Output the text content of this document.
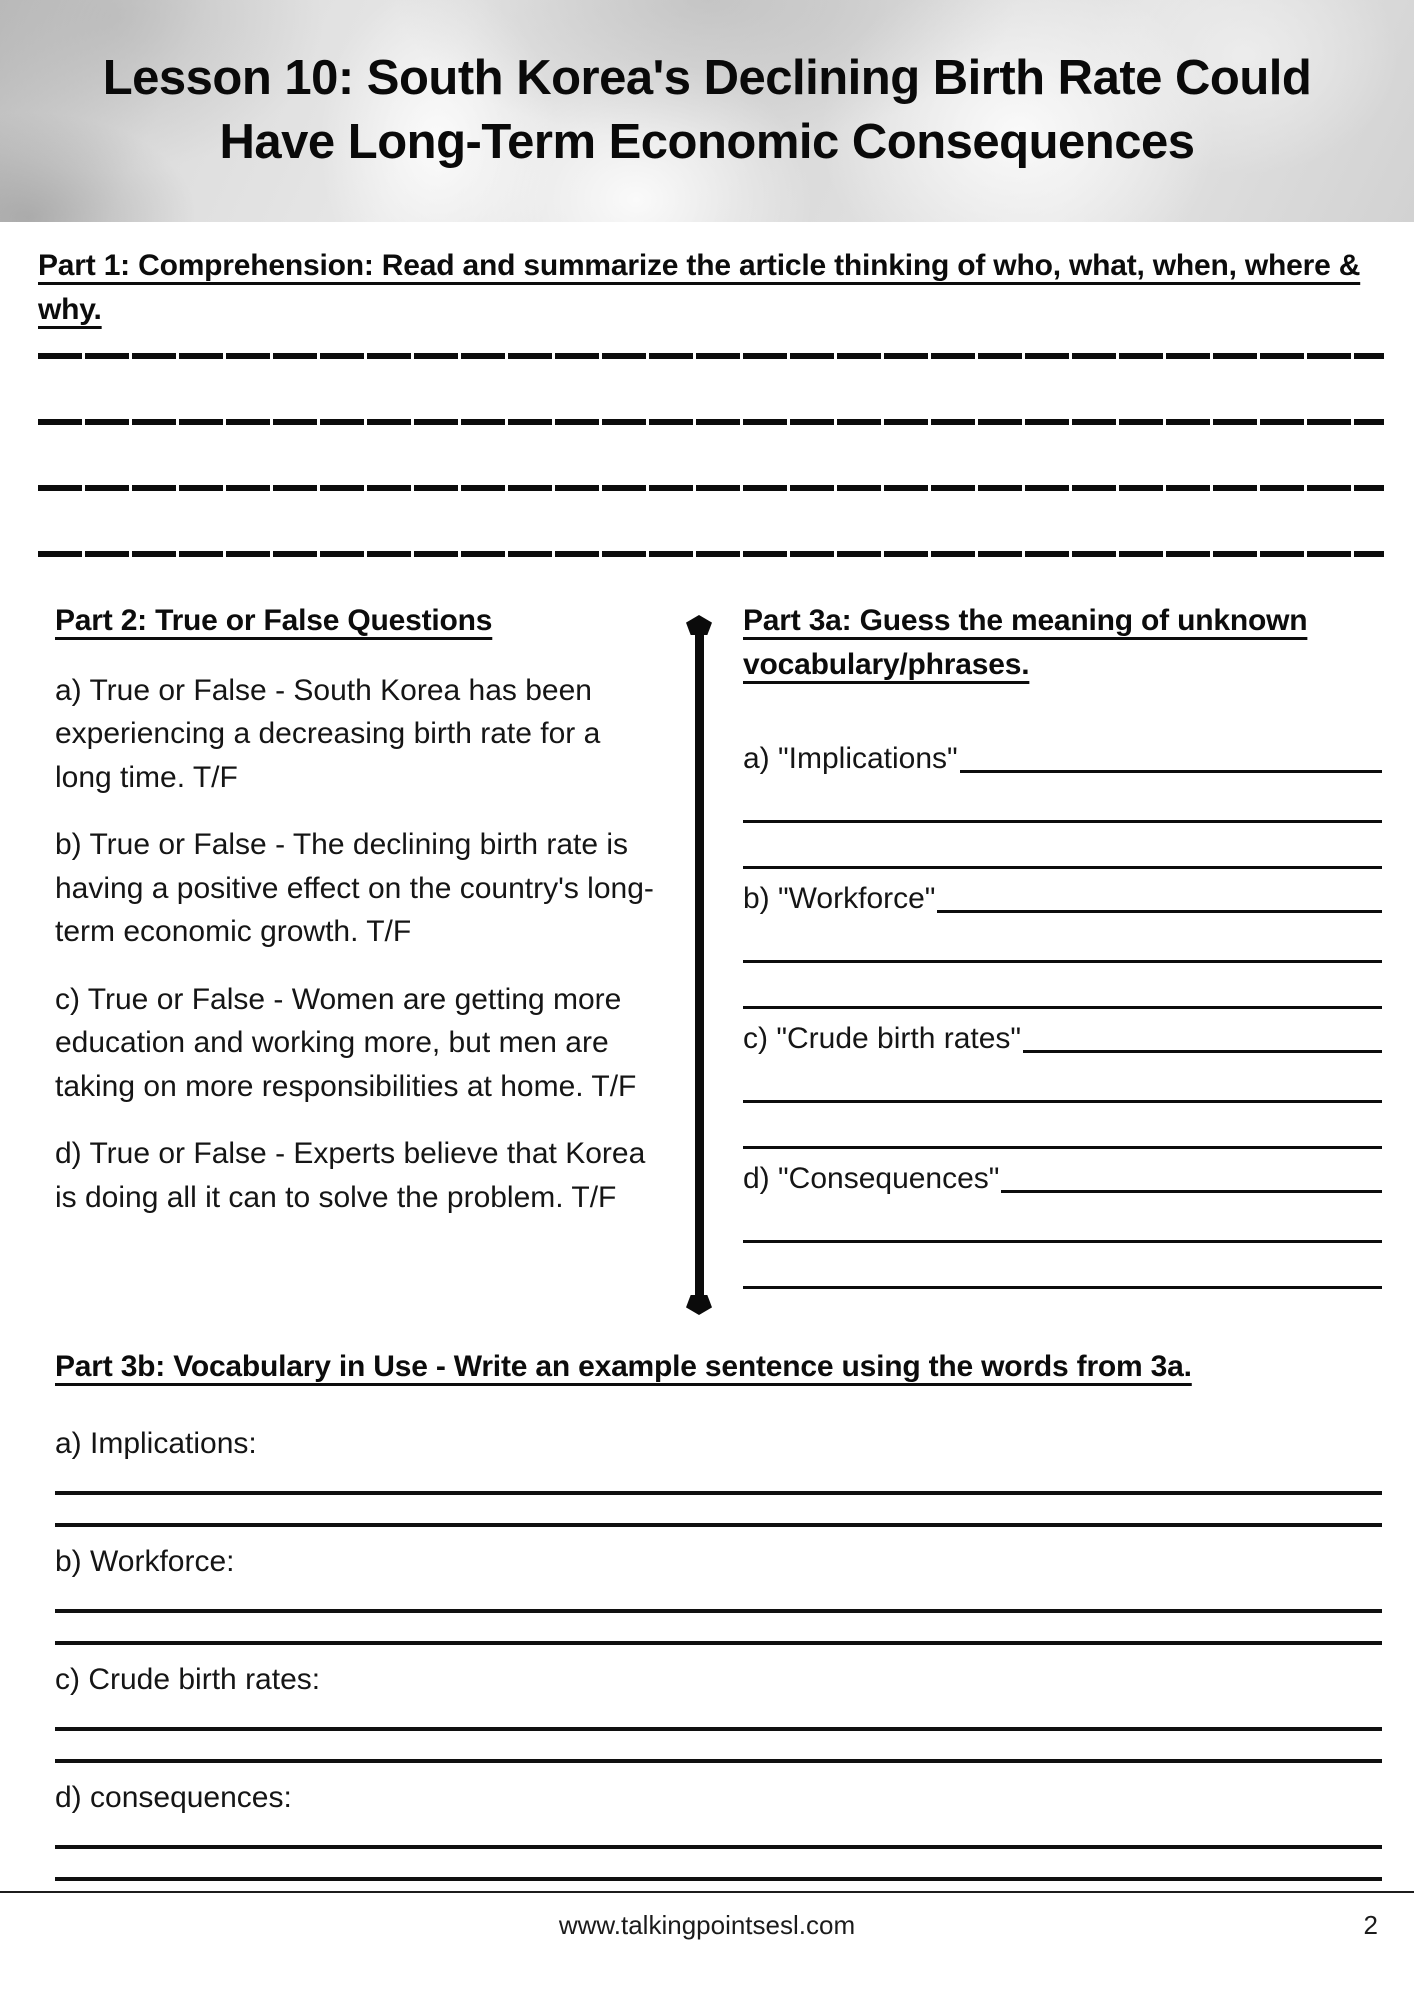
Lesson 10: South Korea's Declining Birth Rate Could
Have Long-Term Economic Consequences
Part 1: Comprehension: Read and summarize the article thinking of who, what, when, where & why.
Part 2: True or False Questions

a) True or False - South Korea has been experiencing a decreasing birth rate for a long time. T/F

b) True or False - The declining birth rate is having a positive effect on the country's long-term economic growth. T/F

c) True or False - Women are getting more education and working more, but men are taking on more responsibilities at home. T/F

d) True or False - Experts believe that Korea is doing all it can to solve the problem. T/F

Part 3a: Guess the meaning of unknown vocabulary/phrases.
a) "Implications"
b) "Workforce"
c) "Crude birth rates"
d) "Consequences"
Part 3b: Vocabulary in Use - Write an example sentence using the words from 3a.

a) Implications:

b) Workforce:

c) Crude birth rates:

d) consequences:

www.talkingpointsesl.com	2
